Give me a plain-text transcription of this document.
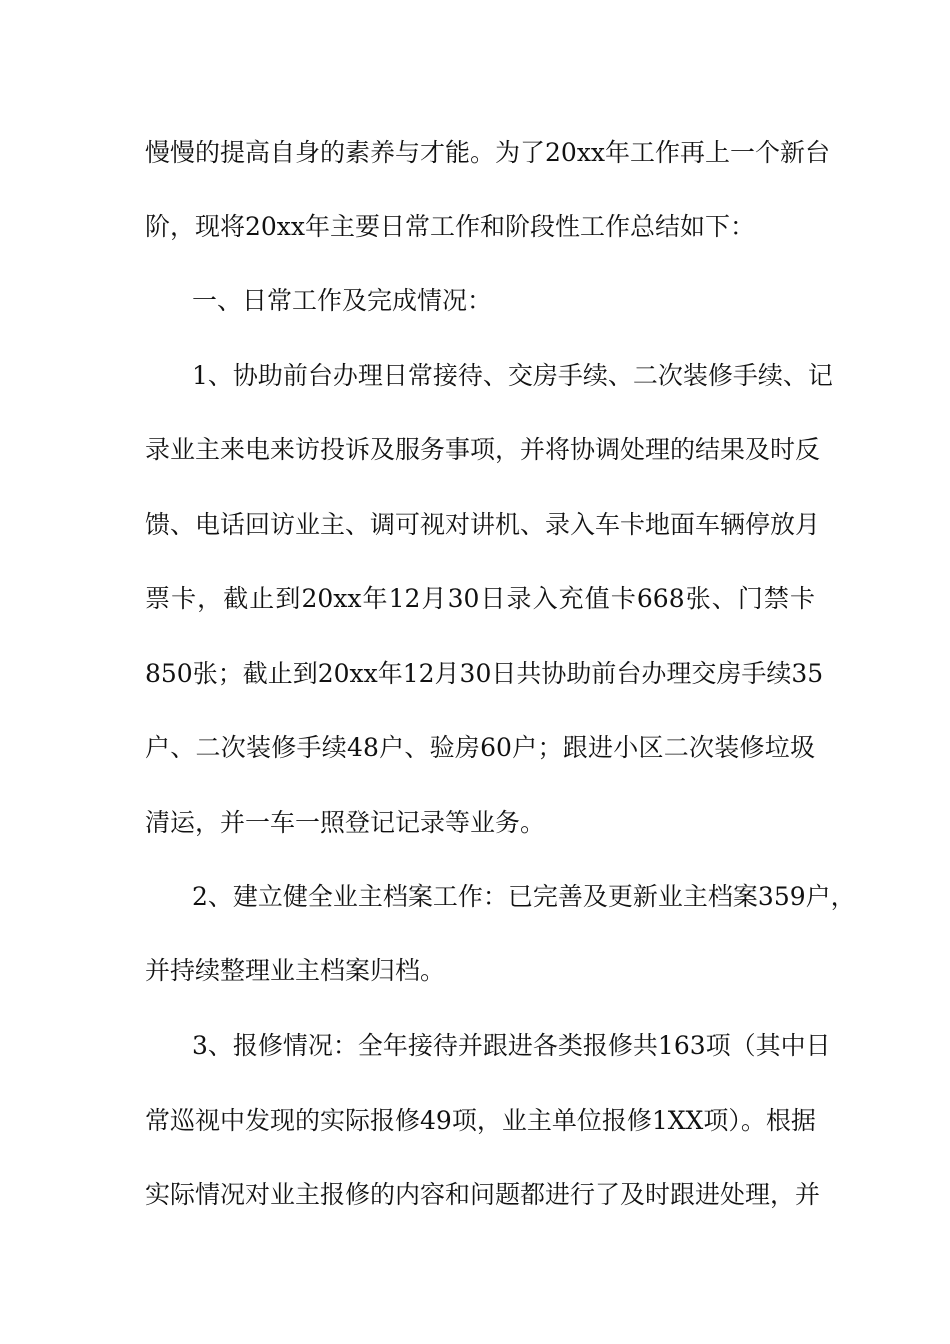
慢慢的提高自身的素养与才能。为了20xx年工作再上一个新台
阶，现将20xx年主要日常工作和阶段性工作总结如下：
一、日常工作及完成情况：
1、协助前台办理日常接待、交房手续、二次装修手续、记
录业主来电来访投诉及服务事项，并将协调处理的结果及时反
馈、电话回访业主、调可视对讲机、录入车卡地面车辆停放月
票卡，截止到20xx年12月30日录入充值卡668张、门禁卡
850张；截止到20xx年12月30日共协助前台办理交房手续35
户、二次装修手续48户、验房60户；跟进小区二次装修垃圾
清运，并一车一照登记记录等业务。
2、建立健全业主档案工作：已完善及更新业主档案359户，
并持续整理业主档案归档。
3、报修情况：全年接待并跟进各类报修共163项（其中日
常巡视中发现的实际报修49项，业主单位报修1XX项）。根据
实际情况对业主报修的内容和问题都进行了及时跟进处理，并
